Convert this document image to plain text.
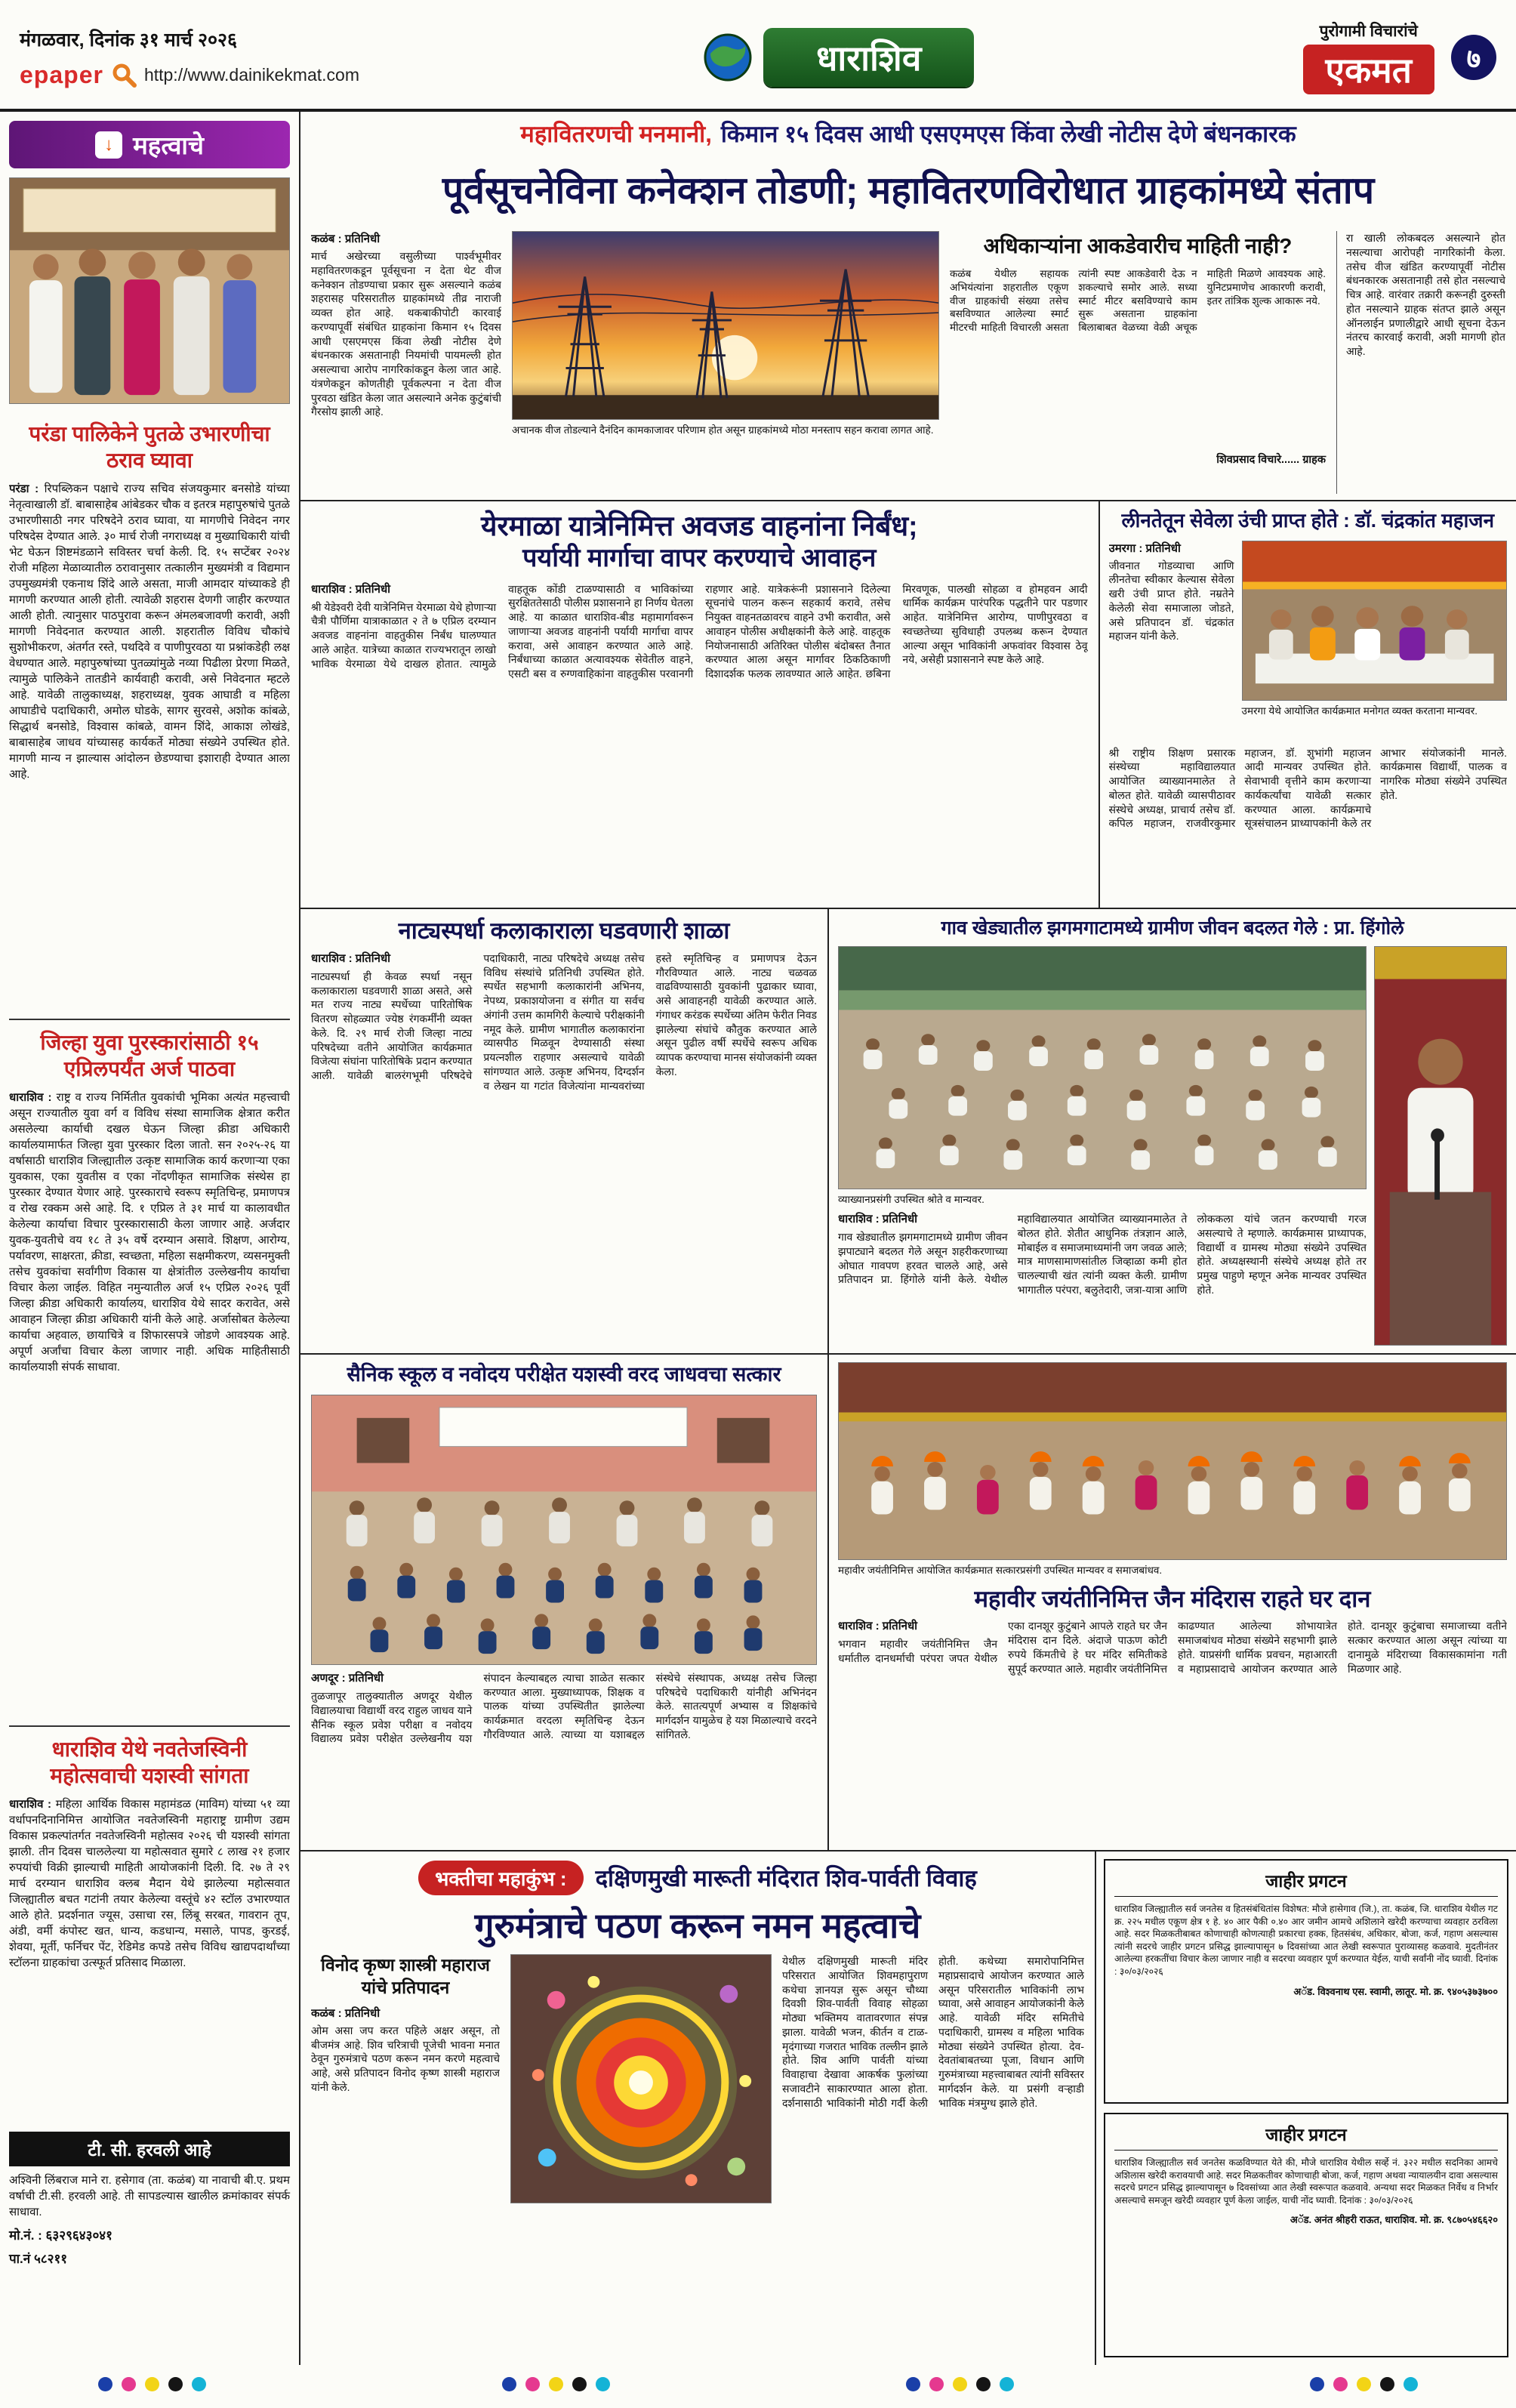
मंगळवार, दिनांक ३१ मार्च २०२६
epaper http://www.dainikekmat.com	धाराशिव
पुरोगामी विचारांचे
एकमत	७
↓ महत्वाचे
परंडा पालिकेने पुतळे उभारणीचा ठराव घ्यावा

परंडा : रिपब्लिकन पक्षाचे राज्य सचिव संजयकुमार बनसोडे यांच्या नेतृत्वाखाली डॉ. बाबासाहेब आंबेडकर चौक व इतरत्र महापुरुषांचे पुतळे उभारणीसाठी नगर परिषदेने ठराव घ्यावा, या मागणीचे निवेदन नगर परिषदेस देण्यात आले. ३० मार्च रोजी नगराध्यक्ष व मुख्याधिकारी यांची भेट घेऊन शिष्टमंडळाने सविस्तर चर्चा केली. दि. १५ सप्टेंबर २०२४ रोजी महिला मेळाव्यातील ठरावानुसार तत्कालीन मुख्यमंत्री व विद्यमान उपमुख्यमंत्री एकनाथ शिंदे आले असता, माजी आमदार यांच्याकडे ही मागणी करण्यात आली होती. त्यावेळी शहरास देणगी जाहीर करण्यात आली होती. त्यानुसार पाठपुरावा करून अंमलबजावणी करावी, अशी मागणी निवेदनात करण्यात आली. शहरातील विविध चौकांचे सुशोभीकरण, अंतर्गत रस्ते, पथदिवे व पाणीपुरवठा या प्रश्नांकडेही लक्ष वेधण्यात आले. महापुरुषांच्या पुतळ्यांमुळे नव्या पिढीला प्रेरणा मिळते, त्यामुळे पालिकेने तातडीने कार्यवाही करावी, असे निवेदनात म्हटले आहे. यावेळी तालुकाध्यक्ष, शहराध्यक्ष, युवक आघाडी व महिला आघाडीचे पदाधिकारी, अमोल घोडके, सागर सुरवसे, अशोक कांबळे, सिद्धार्थ बनसोडे, विश्वास कांबळे, वामन शिंदे, आकाश लोखंडे, बाबासाहेब जाधव यांच्यासह कार्यकर्ते मोठ्या संख्येने उपस्थित होते. मागणी मान्य न झाल्यास आंदोलन छेडण्याचा इशाराही देण्यात आला आहे.

जिल्हा युवा पुरस्कारांसाठी १५ एप्रिलपर्यंत अर्ज पाठवा

धाराशिव : राष्ट्र व राज्य निर्मितीत युवकांची भूमिका अत्यंत महत्त्वाची असून राज्यातील युवा वर्ग व विविध संस्था सामाजिक क्षेत्रात करीत असलेल्या कार्याची दखल घेऊन जिल्हा क्रीडा अधिकारी कार्यालयामार्फत जिल्हा युवा पुरस्कार दिला जातो. सन २०२५-२६ या वर्षासाठी धाराशिव जिल्ह्यातील उत्कृष्ट सामाजिक कार्य करणाऱ्या एका युवकास, एका युवतीस व एका नोंदणीकृत सामाजिक संस्थेस हा पुरस्कार देण्यात येणार आहे. पुरस्काराचे स्वरूप स्मृतिचिन्ह, प्रमाणपत्र व रोख रक्कम असे आहे. दि. १ एप्रिल ते ३१ मार्च या कालावधीत केलेल्या कार्याचा विचार पुरस्कारासाठी केला जाणार आहे. अर्जदार युवक-युवतीचे वय १८ ते ३५ वर्षे दरम्यान असावे. शिक्षण, आरोग्य, पर्यावरण, साक्षरता, क्रीडा, स्वच्छता, महिला सक्षमीकरण, व्यसनमुक्ती तसेच युवकांचा सर्वांगीण विकास या क्षेत्रांतील उल्लेखनीय कार्याचा विचार केला जाईल. विहित नमुन्यातील अर्ज १५ एप्रिल २०२६ पूर्वी जिल्हा क्रीडा अधिकारी कार्यालय, धाराशिव येथे सादर करावेत, असे आवाहन जिल्हा क्रीडा अधिकारी यांनी केले आहे. अर्जासोबत केलेल्या कार्याचा अहवाल, छायाचित्रे व शिफारसपत्रे जोडणे आवश्यक आहे. अपूर्ण अर्जांचा विचार केला जाणार नाही. अधिक माहितीसाठी कार्यालयाशी संपर्क साधावा.

धाराशिव येथे नवतेजस्विनी महोत्सवाची यशस्वी सांगता

धाराशिव : महिला आर्थिक विकास महामंडळ (माविम) यांच्या ५१ व्या वर्धापनदिनानिमित्त आयोजित नवतेजस्विनी महाराष्ट्र ग्रामीण उद्यम विकास प्रकल्पांतर्गत नवतेजस्विनी महोत्सव २०२६ ची यशस्वी सांगता झाली. तीन दिवस चाललेल्या या महोत्सवात सुमारे ८ लाख २१ हजार रुपयांची विक्री झाल्याची माहिती आयोजकांनी दिली. दि. २७ ते २९ मार्च दरम्यान धाराशिव क्लब मैदान येथे झालेल्या महोत्सवात जिल्ह्यातील बचत गटांनी तयार केलेल्या वस्तूंचे ४२ स्टॉल उभारण्यात आले होते. प्रदर्शनात ज्यूस, उसाचा रस, लिंबू सरबत, गावरान तूप, अंडी, वर्मी कंपोस्ट खत, धान्य, कडधान्य, मसाले, पापड, कुरडई, शेवया, मूर्ती, फर्निचर पेंट, रेडिमेड कपडे तसेच विविध खाद्यपदार्थांच्या स्टॉलना ग्राहकांचा उत्स्फूर्त प्रतिसाद मिळाला.

टी. सी. हरवली आहे

अश्विनी लिंबराज माने रा. हसेगाव (ता. कळंब) या नावाची बी.ए. प्रथम वर्षाची टी.सी. हरवली आहे. ती सापडल्यास खालील क्रमांकावर संपर्क साधावा.

मो.नं. : ६३२९६४३०४१
पा.नं ५८२११
महावितरणची मनमानी, किमान १५ दिवस आधी एसएमएस किंवा लेखी नोटीस देणे बंधनकारक
पूर्वसूचनेविना कनेक्शन तोडणी; महावितरणविरोधात ग्राहकांमध्ये संताप
कळंब : प्रतिनिधी

मार्च अखेरच्या वसुलीच्या पार्श्वभूमीवर महावितरणकडून पूर्वसूचना न देता थेट वीज कनेक्शन तोडण्याचा प्रकार सुरू असल्याने कळंब शहरासह परिसरातील ग्राहकांमध्ये तीव्र नाराजी व्यक्त होत आहे. थकबाकीपोटी कारवाई करण्यापूर्वी संबंधित ग्राहकांना किमान १५ दिवस आधी एसएमएस किंवा लेखी नोटीस देणे बंधनकारक असतानाही नियमांची पायमल्ली होत असल्याचा आरोप नागरिकांकडून केला जात आहे. यंत्रणेकडून कोणतीही पूर्वकल्पना न देता वीज पुरवठा खंडित केला जात असल्याने अनेक कुटुंबांची गैरसोय झाली आहे.

अचानक वीज तोडल्याने दैनंदिन कामकाजावर परिणाम होत असून ग्राहकांमध्ये मोठा मनस्ताप सहन करावा लागत आहे.
अधिकाऱ्यांना आकडेवारीच माहिती नाही?

कळंब येथील सहायक अभियंत्यांना शहरातील एकूण वीज ग्राहकांची संख्या तसेच बसविण्यात आलेल्या स्मार्ट मीटरची माहिती विचारली असता त्यांनी स्पष्ट आकडेवारी देऊ न शकल्याचे समोर आले. सध्या स्मार्ट मीटर बसविण्याचे काम सुरू असताना ग्राहकांना बिलाबाबत वेळच्या वेळी अचूक माहिती मिळणे आवश्यक आहे. युनिटप्रमाणेच आकारणी करावी, इतर तांत्रिक शुल्क आकारू नये.

शिवप्रसाद विचारे...... ग्राहक

रा खाली लोकबदल असल्याने होत नसल्याचा आरोपही नागरिकांनी केला. तसेच वीज खंडित करण्यापूर्वी नोटीस बंधनकारक असतानाही तसे होत नसल्याचे चित्र आहे. वारंवार तक्रारी करूनही दुरुस्ती होत नसल्याने ग्राहक संतप्त झाले असून ऑनलाईन प्रणालीद्वारे आधी सूचना देऊन नंतरच कारवाई करावी, अशी मागणी होत आहे.

येरमाळा यात्रेनिमित्त अवजड वाहनांना निर्बंध;
पर्यायी मार्गाचा वापर करण्याचे आवाहन
धाराशिव : प्रतिनिधी
श्री येडेश्वरी देवी यात्रेनिमित्त येरमाळा येथे होणाऱ्या चैत्री पौर्णिमा यात्राकाळात २ ते ७ एप्रिल दरम्यान अवजड वाहनांना वाहतुकीस निर्बंध घालण्यात आले आहेत. यात्रेच्या काळात राज्यभरातून लाखो भाविक येरमाळा येथे दाखल होतात. त्यामुळे वाहतूक कोंडी टाळण्यासाठी व भाविकांच्या सुरक्षिततेसाठी पोलीस प्रशासनाने हा निर्णय घेतला आहे. या काळात धाराशिव-बीड महामार्गावरून जाणाऱ्या अवजड वाहनांनी पर्यायी मार्गाचा वापर करावा, असे आवाहन करण्यात आले आहे. निर्बंधाच्या काळात अत्यावश्यक सेवेतील वाहने, एसटी बस व रुग्णवाहिकांना वाहतुकीस परवानगी राहणार आहे. यात्रेकरूंनी प्रशासनाने दिलेल्या सूचनांचे पालन करून सहकार्य करावे, तसेच नियुक्त वाहनतळावरच वाहने उभी करावीत, असे आवाहन पोलीस अधीक्षकांनी केले आहे. वाहतूक नियोजनासाठी अतिरिक्त पोलीस बंदोबस्त तैनात करण्यात आला असून मार्गावर ठिकठिकाणी दिशादर्शक फलक लावण्यात आले आहेत. छबिना मिरवणूक, पालखी सोहळा व होमहवन आदी धार्मिक कार्यक्रम पारंपरिक पद्धतीने पार पडणार आहेत. यात्रेनिमित्त आरोग्य, पाणीपुरवठा व स्वच्छतेच्या सुविधाही उपलब्ध करून देण्यात आल्या असून भाविकांनी अफवांवर विश्वास ठेवू नये, असेही प्रशासनाने स्पष्ट केले आहे.
लीनतेतून सेवेला उंची प्राप्त होते : डॉ. चंद्रकांत महाजन
उमरगा : प्रतिनिधी

जीवनात गोडव्याचा आणि लीनतेचा स्वीकार केल्यास सेवेला खरी उंची प्राप्त होते. नम्रतेने केलेली सेवा समाजाला जोडते, असे प्रतिपादन डॉ. चंद्रकांत महाजन यांनी केले.

उमरगा येथे आयोजित कार्यक्रमात मनोगत व्यक्त करताना मान्यवर.

श्री राष्ट्रीय शिक्षण प्रसारक संस्थेच्या महाविद्यालयात आयोजित व्याख्यानमालेत ते बोलत होते. यावेळी व्यासपीठावर संस्थेचे अध्यक्ष, प्राचार्य तसेच डॉ. कपिल महाजन, राजवीरकुमार महाजन, डॉ. शुभांगी महाजन आदी मान्यवर उपस्थित होते. सेवाभावी वृत्तीने काम करणाऱ्या कार्यकर्त्यांचा यावेळी सत्कार करण्यात आला. कार्यक्रमाचे सूत्रसंचालन प्राध्यापकांनी केले तर आभार संयोजकांनी मानले. कार्यक्रमास विद्यार्थी, पालक व नागरिक मोठ्या संख्येने उपस्थित होते.

नाट्यस्पर्धा कलाकाराला घडवणारी शाळा
धाराशिव : प्रतिनिधी
नाट्यस्पर्धा ही केवळ स्पर्धा नसून कलाकाराला घडवणारी शाळा असते, असे मत राज्य नाट्य स्पर्धेच्या पारितोषिक वितरण सोहळ्यात ज्येष्ठ रंगकर्मींनी व्यक्त केले. दि. २९ मार्च रोजी जिल्हा नाट्य परिषदेच्या वतीने आयोजित कार्यक्रमात विजेत्या संघांना पारितोषिके प्रदान करण्यात आली. यावेळी बालरंगभूमी परिषदेचे पदाधिकारी, नाट्य परिषदेचे अध्यक्ष तसेच विविध संस्थांचे प्रतिनिधी उपस्थित होते. स्पर्धेत सहभागी कलाकारांनी अभिनय, नेपथ्य, प्रकाशयोजना व संगीत या सर्वच अंगांनी उत्तम कामगिरी केल्याचे परीक्षकांनी नमूद केले. ग्रामीण भागातील कलाकारांना व्यासपीठ मिळवून देण्यासाठी संस्था प्रयत्नशील राहणार असल्याचे यावेळी सांगण्यात आले. उत्कृष्ट अभिनय, दिग्दर्शन व लेखन या गटांत विजेत्यांना मान्यवरांच्या हस्ते स्मृतिचिन्ह व प्रमाणपत्र देऊन गौरविण्यात आले. नाट्य चळवळ वाढविण्यासाठी युवकांनी पुढाकार घ्यावा, असे आवाहनही यावेळी करण्यात आले. गंगाधर करंडक स्पर्धेच्या अंतिम फेरीत निवड झालेल्या संघांचे कौतुक करण्यात आले असून पुढील वर्षी स्पर्धेचे स्वरूप अधिक व्यापक करण्याचा मानस संयोजकांनी व्यक्त केला.
गाव खेड्यातील झगमगाटामध्ये ग्रामीण जीवन बदलत गेले : प्रा. हिंगोले
व्याख्यानप्रसंगी उपस्थित श्रोते व मान्यवर.
धाराशिव : प्रतिनिधी
गाव खेड्यातील झगमगाटामध्ये ग्रामीण जीवन झपाट्याने बदलत गेले असून शहरीकरणाच्या ओघात गावपण हरवत चालले आहे, असे प्रतिपादन प्रा. हिंगोले यांनी केले. येथील महाविद्यालयात आयोजित व्याख्यानमालेत ते बोलत होते. शेतीत आधुनिक तंत्रज्ञान आले, मोबाईल व समाजमाध्यमांनी जग जवळ आले; मात्र माणसामाणसांतील जिव्हाळा कमी होत चालल्याची खंत त्यांनी व्यक्त केली. ग्रामीण भागातील परंपरा, बलुतेदारी, जत्रा-यात्रा आणि लोककला यांचे जतन करण्याची गरज असल्याचे ते म्हणाले. कार्यक्रमास प्राध्यापक, विद्यार्थी व ग्रामस्थ मोठ्या संख्येने उपस्थित होते. अध्यक्षस्थानी संस्थेचे अध्यक्ष होते तर प्रमुख पाहुणे म्हणून अनेक मान्यवर उपस्थित होते.
सैनिक स्कूल व नवोदय परीक्षेत यशस्वी वरद जाधवचा सत्कार
अणदूर : प्रतिनिधी
तुळजापूर तालुक्यातील अणदूर येथील विद्यालयाचा विद्यार्थी वरद राहुल जाधव याने सैनिक स्कूल प्रवेश परीक्षा व नवोदय विद्यालय प्रवेश परीक्षेत उल्लेखनीय यश संपादन केल्याबद्दल त्याचा शाळेत सत्कार करण्यात आला. मुख्याध्यापक, शिक्षक व पालक यांच्या उपस्थितीत झालेल्या कार्यक्रमात वरदला स्मृतिचिन्ह देऊन गौरविण्यात आले. त्याच्या या यशाबद्दल संस्थेचे संस्थापक, अध्यक्ष तसेच जिल्हा परिषदेचे पदाधिकारी यांनीही अभिनंदन केले. सातत्यपूर्ण अभ्यास व शिक्षकांचे मार्गदर्शन यामुळेच हे यश मिळाल्याचे वरदने सांगितले.
महावीर जयंतीनिमित्त आयोजित कार्यक्रमात सत्कारप्रसंगी उपस्थित मान्यवर व समाजबांधव.
महावीर जयंतीनिमित्त जैन मंदिरास राहते घर दान
धाराशिव : प्रतिनिधी
भगवान महावीर जयंतीनिमित्त जैन धर्मातील दानधर्माची परंपरा जपत येथील एका दानशूर कुटुंबाने आपले राहते घर जैन मंदिरास दान दिले. अंदाजे पाऊण कोटी रुपये किंमतीचे हे घर मंदिर समितीकडे सुपूर्द करण्यात आले. महावीर जयंतीनिमित्त काढण्यात आलेल्या शोभायात्रेत समाजबांधव मोठ्या संख्येने सहभागी झाले होते. याप्रसंगी धार्मिक प्रवचन, महाआरती व महाप्रसादाचे आयोजन करण्यात आले होते. दानशूर कुटुंबाचा समाजाच्या वतीने सत्कार करण्यात आला असून त्यांच्या या दानामुळे मंदिराच्या विकासकामांना गती मिळणार आहे.
भक्तीचा महाकुंभ :	दक्षिणमुखी मारूती मंदिरात शिव-पार्वती विवाह
गुरुमंत्राचे पठण करून नमन महत्वाचे
विनोद कृष्ण शास्त्री महाराज यांचे प्रतिपादन
कळंब : प्रतिनिधी

ओम असा जप करत पहिले अक्षर असून, तो बीजमंत्र आहे. शिव चरित्राची पूजेची भावना मनात ठेवून गुरुमंत्राचे पठण करून नमन करणे महत्वाचे आहे, असे प्रतिपादन विनोद कृष्ण शास्त्री महाराज यांनी केले.

येथील दक्षिणमुखी मारूती मंदिर परिसरात आयोजित शिवमहापुराण कथेचा ज्ञानयज्ञ सुरू असून चौथ्या दिवशी शिव-पार्वती विवाह सोहळा मोठ्या भक्तिमय वातावरणात संपन्न झाला. यावेळी भजन, कीर्तन व टाळ-मृदंगाच्या गजरात भाविक तल्लीन झाले होते. शिव आणि पार्वती यांच्या विवाहाचा देखावा आकर्षक फुलांच्या सजावटीने साकारण्यात आला होता. दर्शनासाठी भाविकांनी मोठी गर्दी केली होती. कथेच्या समारोपानिमित्त महाप्रसादाचे आयोजन करण्यात आले असून परिसरातील भाविकांनी लाभ घ्यावा, असे आवाहन आयोजकांनी केले आहे. यावेळी मंदिर समितीचे पदाधिकारी, ग्रामस्थ व महिला भाविक मोठ्या संख्येने उपस्थित होत्या. देव-देवतांबाबतच्या पूजा, विधान आणि गुरुमंत्राच्या महत्त्वाबाबत त्यांनी सविस्तर मार्गदर्शन केले. या प्रसंगी वर्‍हाडी भाविक मंत्रमुग्ध झाले होते.

जाहीर प्रगटन

धाराशिव जिल्ह्यातील सर्व जनतेस व हितसंबंधितांस विशेषत: मौजे हासेगाव (जि.), ता. कळंब, जि. धाराशिव येथील गट क्र. २२५ मधील एकूण क्षेत्र १ हे. ४० आर पैकी ०.४० आर जमीन आमचे अशिलाने खरेदी करण्याचा व्यवहार ठरविला आहे. सदर मिळकतीबाबत कोणाचाही कोणत्याही प्रकारचा हक्क, हितसंबंध, अधिकार, बोजा, कर्ज, गहाण असल्यास त्यांनी सदरचे जाहीर प्रगटन प्रसिद्ध झाल्यापासून ७ दिवसांच्या आत लेखी स्वरूपात पुराव्यासह कळवावे. मुदतीनंतर आलेल्या हरकतींचा विचार केला जाणार नाही व सदरचा व्यवहार पूर्ण करण्यात येईल, याची सर्वांनी नोंद घ्यावी. दिनांक : ३०/०३/२०२६

अॅड. विश्वनाथ एस. स्वामी, लातूर. मो. क्र. ९४०५३७३७००
जाहीर प्रगटन

धाराशिव जिल्ह्यातील सर्व जनतेस कळविण्यात येते की, मौजे धाराशिव येथील सर्व्हे नं. ३२२ मधील सदनिका आमचे अशिलास खरेदी करावयाची आहे. सदर मिळकतीवर कोणाचाही बोजा, कर्ज, गहाण अथवा न्यायालयीन दावा असल्यास सदरचे प्रगटन प्रसिद्ध झाल्यापासून ७ दिवसांच्या आत लेखी स्वरूपात कळवावे. अन्यथा सदर मिळकत निर्वेध व निर्भार असल्याचे समजून खरेदी व्यवहार पूर्ण केला जाईल, याची नोंद घ्यावी. दिनांक : ३०/०३/२०२६

अॅड. अनंत श्रीहरी राऊत, धाराशिव. मो. क्र. ९८७०५४६६२०
